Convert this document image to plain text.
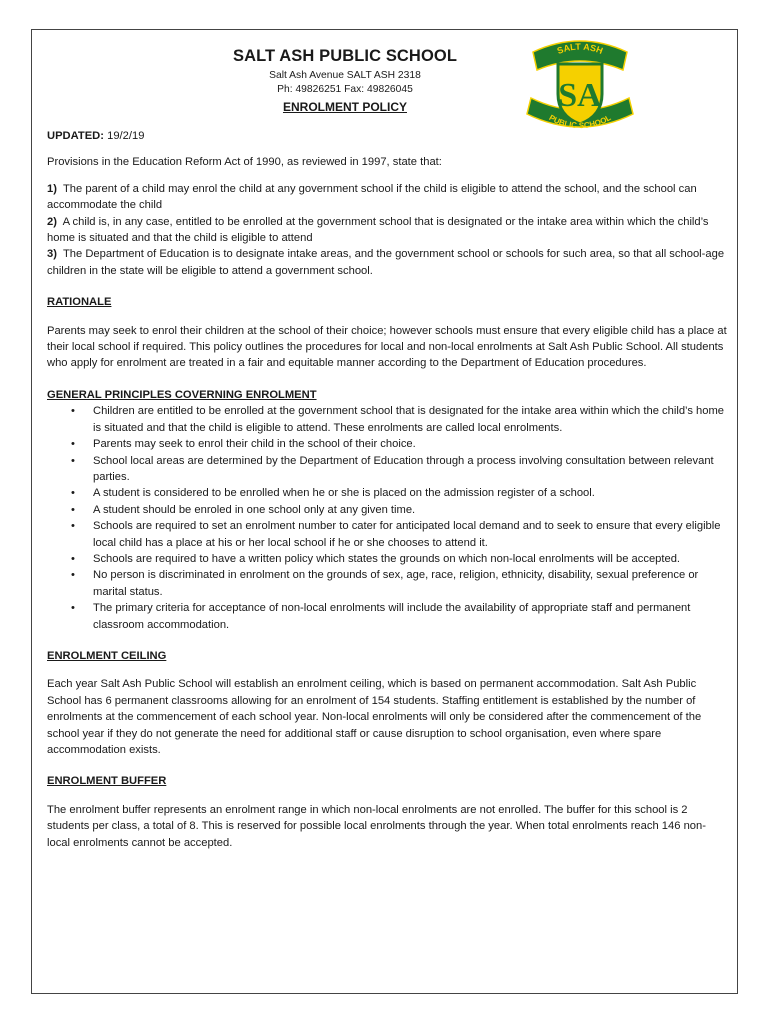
SALT ASH PUBLIC SCHOOL
Salt Ash Avenue SALT ASH 2318
Ph: 49826251 Fax: 49826045
ENROLMENT POLICY	SA
SALT ASH
PUBLIC SCHOOL

UPDATED: 19/2/19

Provisions in the Education Reform Act of 1990, as reviewed in 1997, state that:

1) The parent of a child may enrol the child at any government school if the child is eligible to attend the school, and the school can accommodate the child

2) A child is, in any case, entitled to be enrolled at the government school that is designated or the intake area within which the child’s home is situated and that the child is eligible to attend

3) The Department of Education is to designate intake areas, and the government school or schools for such area, so that all school-age children in the state will be eligible to attend a government school.

RATIONALE

Parents may seek to enrol their children at the school of their choice; however schools must ensure that every eligible child has a place at their local school if required. This policy outlines the procedures for local and non-local enrolments at Salt Ash Public School. All students who apply for enrolment are treated in a fair and equitable manner according to the Department of Education procedures.

GENERAL PRINCIPLES COVERNING ENROLMENT
• Children are entitled to be enrolled at the government school that is designated for the intake area within which the child’s home is situated and that the child is eligible to attend. These enrolments are called local enrolments.
• Parents may seek to enrol their child in the school of their choice.
• School local areas are determined by the Department of Education through a process involving consultation between relevant parties.
• A student is considered to be enrolled when he or she is placed on the admission register of a school.
• A student should be enroled in one school only at any given time.
• Schools are required to set an enrolment number to cater for anticipated local demand and to seek to ensure that every eligible local child has a place at his or her local school if he or she chooses to attend it.
• Schools are required to have a written policy which states the grounds on which non-local enrolments will be accepted.
• No person is discriminated in enrolment on the grounds of sex, age, race, religion, ethnicity, disability, sexual preference or marital status.
• The primary criteria for acceptance of non-local enrolments will include the availability of appropriate staff and permanent classroom accommodation.
ENROLMENT CEILING

Each year Salt Ash Public School will establish an enrolment ceiling, which is based on permanent accommodation. Salt Ash Public School has 6 permanent classrooms allowing for an enrolment of 154 students. Staffing entitlement is established by the number of enrolments at the commencement of each school year. Non-local enrolments will only be considered after the commencement of the school year if they do not generate the need for additional staff or cause disruption to school organisation, even where spare accommodation exists.

ENROLMENT BUFFER

The enrolment buffer represents an enrolment range in which non-local enrolments are not enrolled. The buffer for this school is 2 students per class, a total of 8. This is reserved for possible local enrolments through the year. When total enrolments reach 146 non-local enrolments cannot be accepted.
